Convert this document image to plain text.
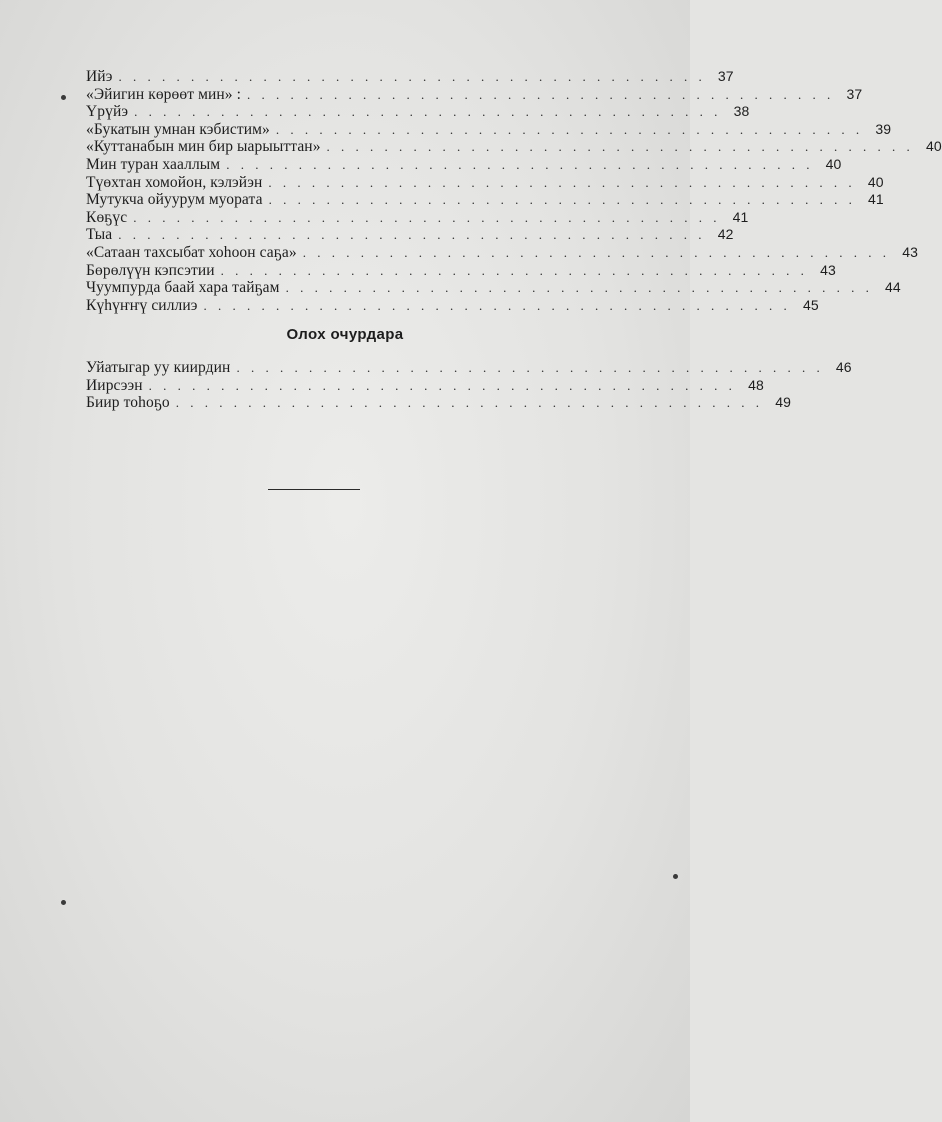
Ийэ . . . . . . . . . . . . . . . . . . . . . . . . . . . . . . . . . . . . . . . . . 37
«Эйигин көрөөт мин» : . . . . . . . . . . . . . . . . . . . . . . . . . . . . . . . . . . . . . . . . . 37
Үрүйэ . . . . . . . . . . . . . . . . . . . . . . . . . . . . . . . . . . . . . . . . . 38
«Букатын умнан кэбистим» . . . . . . . . . . . . . . . . . . . . . . . . . . . . . . . . . . . . . . . . . 39
«Куттанабын мин бир ыарыыттан» . . . . . . . . . . . . . . . . . . . . . . . . . . . . . . . . . . . . . . . . . 40
Мин туран хааллым . . . . . . . . . . . . . . . . . . . . . . . . . . . . . . . . . . . . . . . . . 40
Түөхтан хомойон, кэлэйэн . . . . . . . . . . . . . . . . . . . . . . . . . . . . . . . . . . . . . . . . . 40
Мутукча ойуурум муората . . . . . . . . . . . . . . . . . . . . . . . . . . . . . . . . . . . . . . . . . 41
Көҕүс . . . . . . . . . . . . . . . . . . . . . . . . . . . . . . . . . . . . . . . . . 41
Тыа . . . . . . . . . . . . . . . . . . . . . . . . . . . . . . . . . . . . . . . . . 42
«Сатаан тахсыбат хоһоон саҕа» . . . . . . . . . . . . . . . . . . . . . . . . . . . . . . . . . . . . . . . . . 43
Бөрөлүүн кэпсэтии . . . . . . . . . . . . . . . . . . . . . . . . . . . . . . . . . . . . . . . . . 43
Чуумпурда баай хара тайҕам . . . . . . . . . . . . . . . . . . . . . . . . . . . . . . . . . . . . . . . . . 44
Күһүҥҥү силлиэ . . . . . . . . . . . . . . . . . . . . . . . . . . . . . . . . . . . . . . . . . 45
Олох очурдара
Уйатыгар уу киирдин . . . . . . . . . . . . . . . . . . . . . . . . . . . . . . . . . . . . . . . . . 46
Иирсээн . . . . . . . . . . . . . . . . . . . . . . . . . . . . . . . . . . . . . . . . . 48
Биир тоһоҕо . . . . . . . . . . . . . . . . . . . . . . . . . . . . . . . . . . . . . . . . . 49
